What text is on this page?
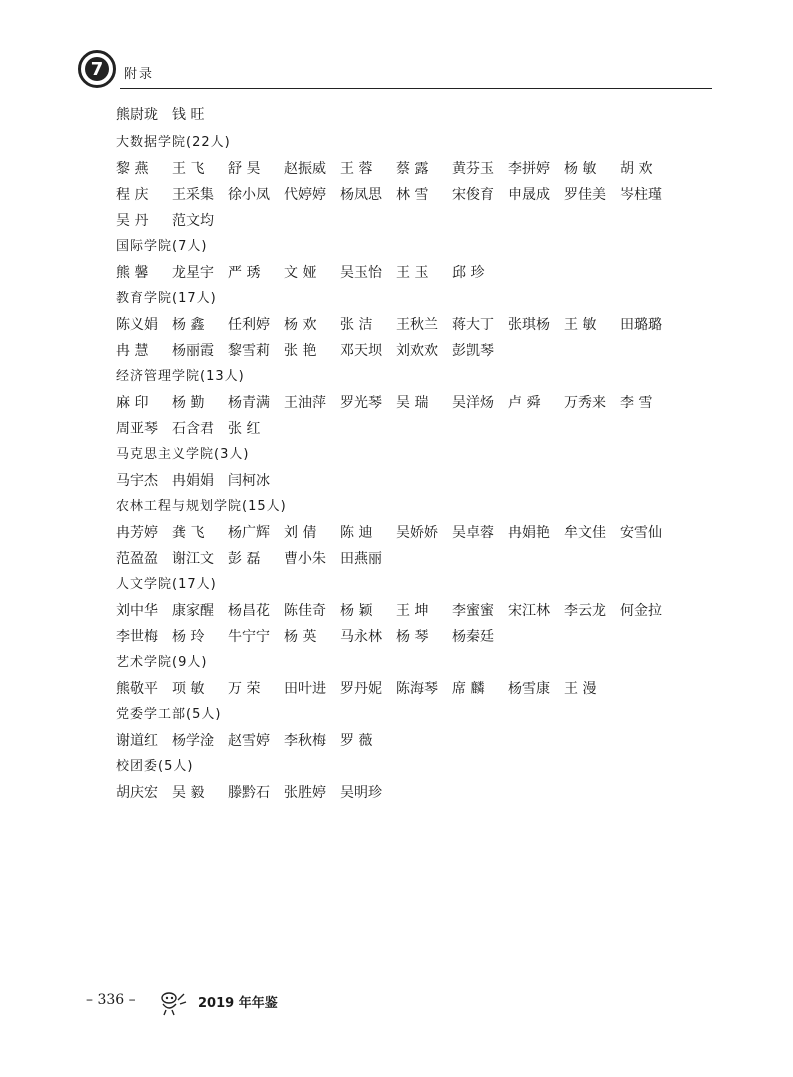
7	附录
熊尉珑	钱 旺
大数据学院(22人)
黎 燕	王 飞	舒 昊	赵振威	王 蓉	蔡 露	黄芬玉	李拼婷	杨 敏	胡 欢
程 庆	王采集	徐小凤	代婷婷	杨凤思	林 雪	宋俊育	申晟成	罗佳美	岑柱瑾
吴 丹	范文均
国际学院(7人)
熊 馨	龙星宇	严 琇	文 娅	吴玉怡	王 玉	邱 珍
教育学院(17人)
陈义娟	杨 鑫	任利婷	杨 欢	张 洁	王秋兰	蒋大丁	张琪杨	王 敏	田璐璐
冉 慧	杨丽霞	黎雪莉	张 艳	邓天坝	刘欢欢	彭凯琴
经济管理学院(13人)
麻 印	杨 勤	杨青满	王油萍	罗光琴	吴 瑞	吴洋炀	卢 舜	万秀来	李 雪
周亚琴	石含君	张 红
马克思主义学院(3人)
马宇杰	冉娟娟	闫柯冰
农林工程与规划学院(15人)
冉芳婷	龚 飞	杨广辉	刘 倩	陈 迪	吴娇娇	吴卓蓉	冉娟艳	牟文佳	安雪仙
范盈盈	谢江文	彭 磊	曹小朱	田燕丽
人文学院(17人)
刘中华	康家醒	杨昌花	陈佳奇	杨 颖	王 坤	李蜜蜜	宋江林	李云龙	何金拉
李世梅	杨 玲	牛宁宁	杨 英	马永林	杨 琴	杨秦廷
艺术学院(9人)
熊敬平	项 敏	万 荣	田叶进	罗丹妮	陈海琴	席 麟	杨雪康	王 漫
党委学工部(5人)
谢道红	杨学淦	赵雪婷	李秋梅	罗 薇
校团委(5人)
胡庆宏	吴 毅	滕黔石	张胜婷	吴明珍
– 336 –	2019 年年鉴
